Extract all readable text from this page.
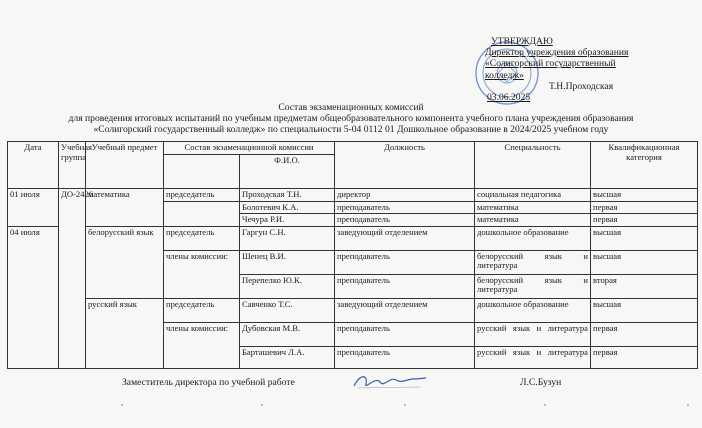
УТВЕРЖДАЮ
Директор учреждения образования
«Солигорский государственный
колледж»
Т.Н.Проходская
03.06.2025
Состав экзаменационных комиссий
для проведения итоговых испытаний по учебным предметам общеобразовательного компонента учебного плана учреждения образования
«Солигорский государственный колледж» по специальности 5-04 0112 01 Дошкольное образование в 2024/2025 учебном году
Дата	Учебная группа	Учебный предмет	Состав экзаменационной комиссии		Должность	Специальность	Квалификационная категория
				Ф.И.О.			
01 июля	ДО-2426	математика	председатель	Проходская Т.Н.	директор	социальная педагогика	высшая
				Болотевич К.А.	преподаватель	математика	первая
				Чечура Р.И.	преподаватель	математика	первая
04 июля		белорусский язык	председатель	Гаргун С.Н.	заведующий отделением	дошкольное образование	высшая
			члены комиссии:	Шенец В.И.	преподаватель	белорусский язык и литература	высшая
				Перепелко Ю.К.	преподаватель	белорусский язык и литература	вторая
		русский язык	председатель	Савченко Т.С.	заведующий отделением	дошкольное образование	высшая
			члены комиссии:	Дубовская М.В.	преподаватель	русский язык и литература	первая
				Барташевич Л.А.	преподаватель	русский язык и литература	первая
Заместитель директора по учебной работе	Л.С.Бузун
